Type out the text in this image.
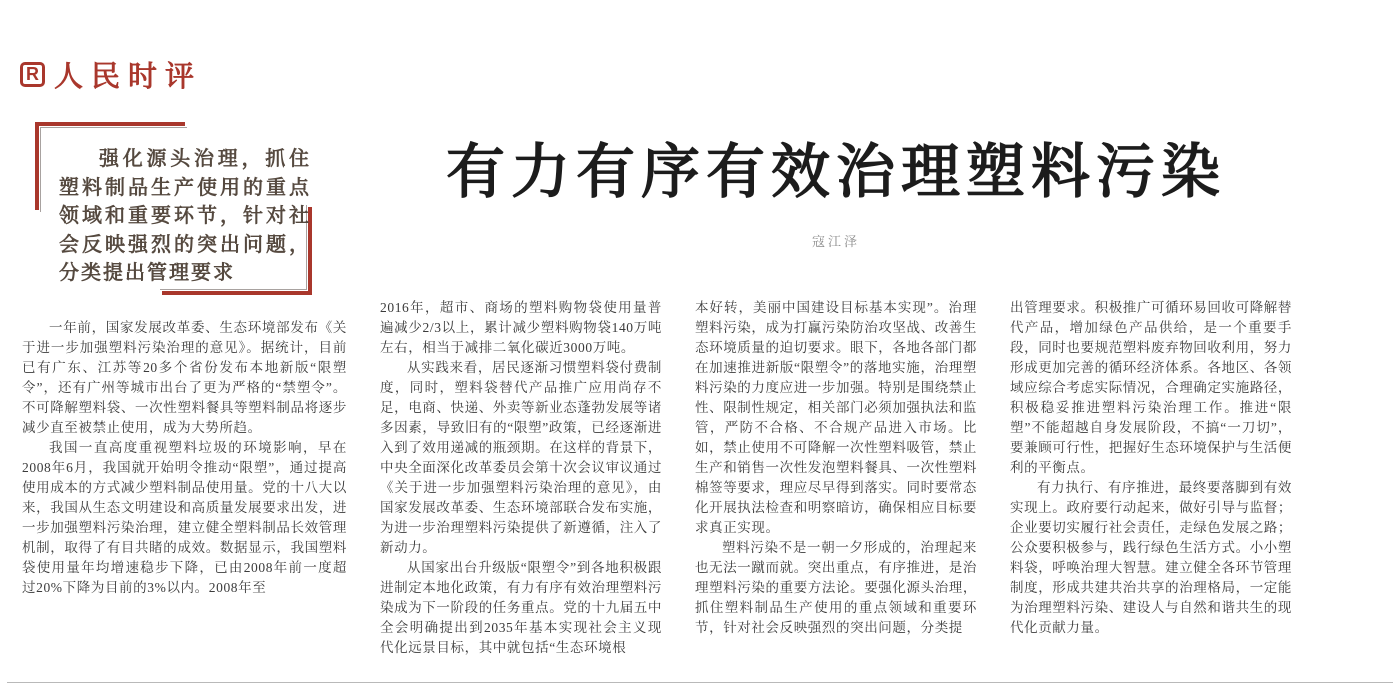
R 人民时评

强化源头治理，抓住塑料制品生产使用的重点领域和重要环节，针对社会反映强烈的突出问题，分类提出管理要求

有力有序有效治理塑料污染
寇江泽

一年前，国家发展改革委、生态环境部发布《关于进一步加强塑料污染治理的意见》。据统计，目前已有广东、江苏等20多个省份发布本地新版“限塑令”，还有广州等城市出台了更为严格的“禁塑令”。不可降解塑料袋、一次性塑料餐具等塑料制品将逐步减少直至被禁止使用，成为大势所趋。

我国一直高度重视塑料垃圾的环境影响，早在2008年6月，我国就开始明令推动“限塑”，通过提高使用成本的方式减少塑料制品使用量。党的十八大以来，我国从生态文明建设和高质量发展要求出发，进一步加强塑料污染治理，建立健全塑料制品长效管理机制，取得了有目共睹的成效。数据显示，我国塑料袋使用量年均增速稳步下降，已由2008年前一度超过20%下降为目前的3%以内。2008年至

2016年，超市、商场的塑料购物袋使用量普遍减少2/3以上，累计减少塑料购物袋140万吨左右，相当于减排二氧化碳近3000万吨。

从实践来看，居民逐渐习惯塑料袋付费制度，同时，塑料袋替代产品推广应用尚存不足，电商、快递、外卖等新业态蓬勃发展等诸多因素，导致旧有的“限塑”政策，已经逐渐进入到了效用递减的瓶颈期。在这样的背景下，中央全面深化改革委员会第十次会议审议通过《关于进一步加强塑料污染治理的意见》，由国家发展改革委、生态环境部联合发布实施，为进一步治理塑料污染提供了新遵循，注入了新动力。

从国家出台升级版“限塑令”到各地积极跟进制定本地化政策，有力有序有效治理塑料污染成为下一阶段的任务重点。党的十九届五中全会明确提出到2035年基本实现社会主义现代化远景目标，其中就包括“生态环境根

本好转，美丽中国建设目标基本实现”。治理塑料污染，成为打赢污染防治攻坚战、改善生态环境质量的迫切要求。眼下，各地各部门都在加速推进新版“限塑令”的落地实施，治理塑料污染的力度应进一步加强。特别是围绕禁止性、限制性规定，相关部门必须加强执法和监管，严防不合格、不合规产品进入市场。比如，禁止使用不可降解一次性塑料吸管，禁止生产和销售一次性发泡塑料餐具、一次性塑料棉签等要求，理应尽早得到落实。同时要常态化开展执法检查和明察暗访，确保相应目标要求真正实现。

塑料污染不是一朝一夕形成的，治理起来也无法一蹴而就。突出重点，有序推进，是治理塑料污染的重要方法论。要强化源头治理，抓住塑料制品生产使用的重点领域和重要环节，针对社会反映强烈的突出问题，分类提

出管理要求。积极推广可循环易回收可降解替代产品，增加绿色产品供给，是一个重要手段，同时也要规范塑料废弃物回收利用，努力形成更加完善的循环经济体系。各地区、各领域应综合考虑实际情况，合理确定实施路径，积极稳妥推进塑料污染治理工作。推进“限塑”不能超越自身发展阶段，不搞“一刀切”，要兼顾可行性，把握好生态环境保护与生活便利的平衡点。

有力执行、有序推进，最终要落脚到有效实现上。政府要行动起来，做好引导与监督；企业要切实履行社会责任，走绿色发展之路；公众要积极参与，践行绿色生活方式。小小塑料袋，呼唤治理大智慧。建立健全各环节管理制度，形成共建共治共享的治理格局，一定能为治理塑料污染、建设人与自然和谐共生的现代化贡献力量。
